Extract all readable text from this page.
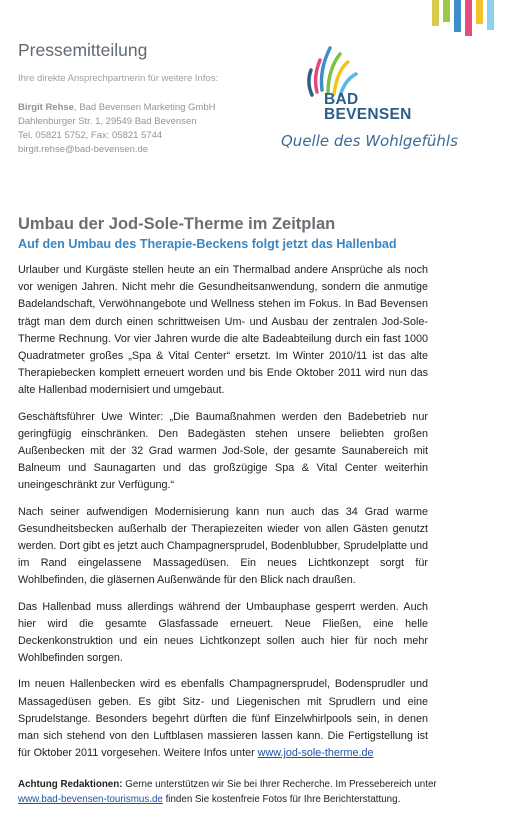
Pressemitteilung
Ihre direkte Ansprechpartnerin für weitere Infos:
Birgit Rehse, Bad Bevensen Marketing GmbH
Dahlenburger Str. 1, 29549 Bad Bevensen
Tel. 05821 5752, Fax: 05821 5744
birgit.rehse@bad-bevensen.de
BAD
BEVENSEN
Quelle des Wohlgefühls
Umbau der Jod-Sole-Therme im Zeitplan
Auf den Umbau des Therapie-Beckens folgt jetzt das Hallenbad

Urlauber und Kurgäste stellen heute an ein Thermalbad andere Ansprüche als noch vor wenigen Jahren. Nicht mehr die Gesundheitsanwendung, sondern die anmutige Badelandschaft, Verwöhnangebote und Wellness stehen im Fokus. In Bad Bevensen trägt man dem durch einen schrittweisen Um- und Ausbau der zentralen Jod-Sole-Therme Rechnung. Vor vier Jahren wurde die alte Badeabteilung durch ein fast 1000 Quadratmeter großes „Spa & Vital Center“ ersetzt. Im Winter 2010/11 ist das alte Therapiebecken komplett erneuert worden und bis Ende Oktober 2011 wird nun das alte Hallenbad modernisiert und umgebaut.

Geschäftsführer Uwe Winter: „Die Baumaßnahmen werden den Badebetrieb nur geringfügig einschränken. Den Badegästen stehen unsere beliebten großen Außenbecken mit der 32 Grad warmen Jod-Sole, der gesamte Saunabereich mit Balneum und Saunagarten und das großzügige Spa & Vital Center weiterhin uneingeschränkt zur Verfügung.“

Nach seiner aufwendigen Modernisierung kann nun auch das 34 Grad warme Gesundheitsbecken außerhalb der Therapiezeiten wieder von allen Gästen genutzt werden. Dort gibt es jetzt auch Champagnersprudel, Bodenblubber, Sprudelplatte und im Rand eingelassene Massagedüsen. Ein neues Lichtkonzept sorgt für Wohlbefinden, die gläsernen Außenwände für den Blick nach draußen.

Das Hallenbad muss allerdings während der Umbauphase gesperrt werden. Auch hier wird die gesamte Glasfassade erneuert. Neue Fließen, eine helle Deckenkonstruktion und ein neues Lichtkonzept sollen auch hier für noch mehr Wohlbefinden sorgen.

Im neuen Hallenbecken wird es ebenfalls Champagnersprudel, Bodensprudler und Massagedüsen geben. Es gibt Sitz- und Liegenischen mit Sprudlern und eine Sprudelstange. Besonders begehrt dürften die fünf Einzelwhirlpools sein, in denen man sich stehend von den Luftblasen massieren lassen kann. Die Fertigstellung ist für Oktober 2011 vorgesehen. Weitere Infos unter www.jod-sole-therme.de

Achtung Redaktionen: Gerne unterstützen wir Sie bei Ihrer Recherche. Im Pressebereich unter www.bad-bevensen-tourismus.de finden Sie kostenfreie Fotos für Ihre Berichterstattung.
